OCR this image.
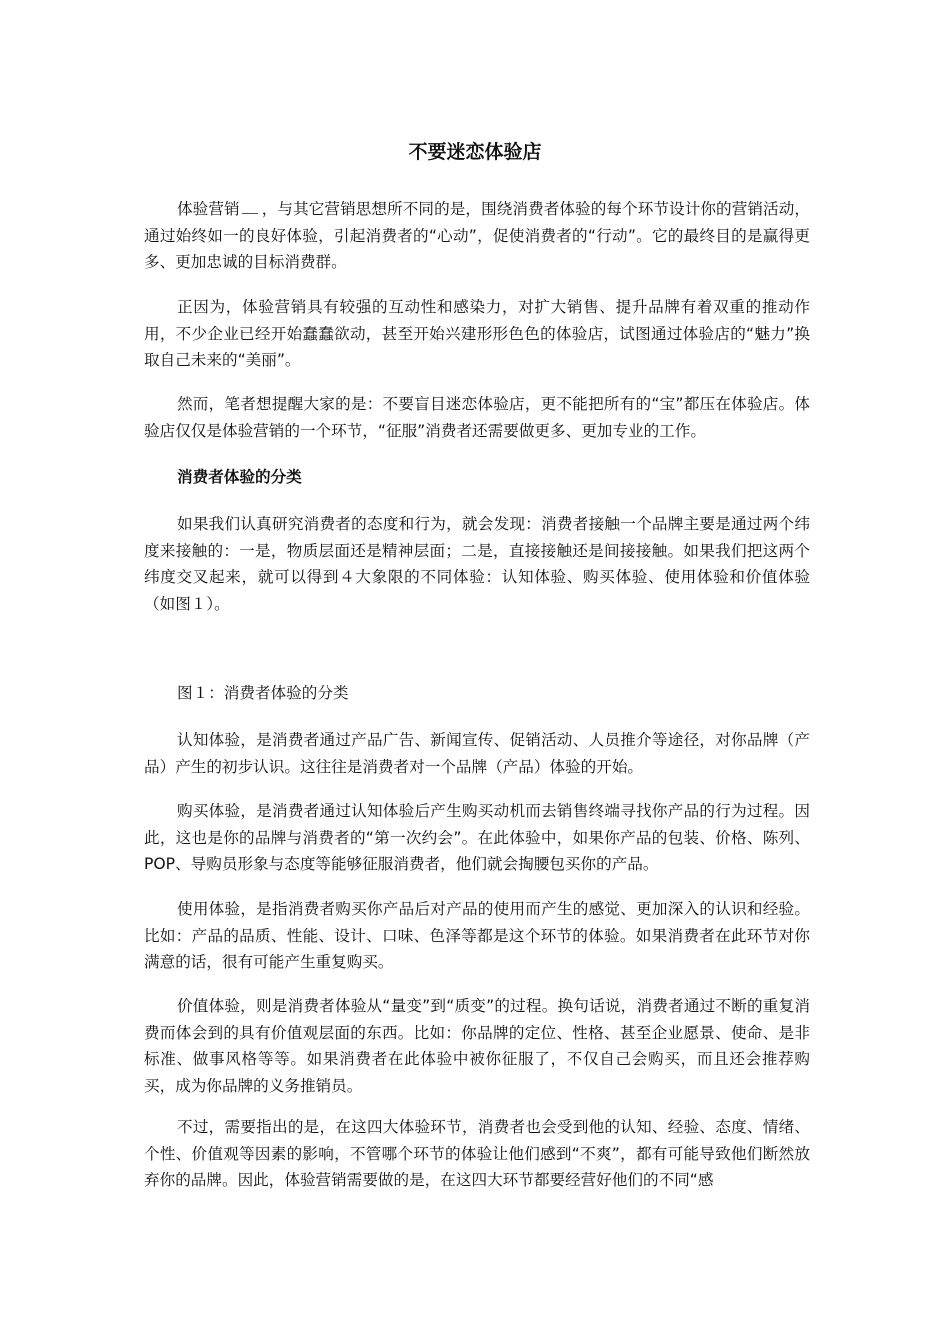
不要迷恋体验店

体验营销 ，与其它营销思想所不同的是，围绕消费者体验的每个环节设计你的营销活动，通过始终如一的良好体验，引起消费者的“心动”，促使消费者的“行动”。它的最终目的是赢得更多、更加忠诚的目标消费群。

正因为，体验营销具有较强的互动性和感染力，对扩大销售、提升品牌有着双重的推动作用，不少企业已经开始蠢蠢欲动，甚至开始兴建形形色色的体验店，试图通过体验店的“魅力”换取自己未来的“美丽”。

然而，笔者想提醒大家的是：不要盲目迷恋体验店，更不能把所有的“宝”都压在体验店。体验店仅仅是体验营销的一个环节，“征服”消费者还需要做更多、更加专业的工作。

消费者体验的分类

如果我们认真研究消费者的态度和行为，就会发现：消费者接触一个品牌主要是通过两个纬度来接触的：一是，物质层面还是精神层面；二是，直接接触还是间接接触。如果我们把这两个纬度交叉起来，就可以得到４大象限的不同体验：认知体验、购买体验、使用体验和价值体验（如图１）。

图１：消费者体验的分类

认知体验，是消费者通过产品广告、新闻宣传、促销活动、人员推介等途径，对你品牌（产品）产生的初步认识。这往往是消费者对一个品牌（产品）体验的开始。

购买体验，是消费者通过认知体验后产生购买动机而去销售终端寻找你产品的行为过程。因此，这也是你的品牌与消费者的“第一次约会”。在此体验中，如果你产品的包装、价格、陈列、POP、导购员形象与态度等能够征服消费者，他们就会掏腰包买你的产品。

使用体验，是指消费者购买你产品后对产品的使用而产生的感觉、更加深入的认识和经验。比如：产品的品质、性能、设计、口味、色泽等都是这个环节的体验。如果消费者在此环节对你满意的话，很有可能产生重复购买。

价值体验，则是消费者体验从“量变”到“质变”的过程。换句话说，消费者通过不断的重复消费而体会到的具有价值观层面的东西。比如：你品牌的定位、性格、甚至企业愿景、使命、是非标准、做事风格等等。如果消费者在此体验中被你征服了，不仅自己会购买，而且还会推荐购买，成为你品牌的义务推销员。

不过，需要指出的是，在这四大体验环节，消费者也会受到他的认知、经验、态度、情绪、个性、价值观等因素的影响，不管哪个环节的体验让他们感到“不爽”，都有可能导致他们断然放弃你的品牌。因此，体验营销需要做的是，在这四大环节都要经营好他们的不同“感
